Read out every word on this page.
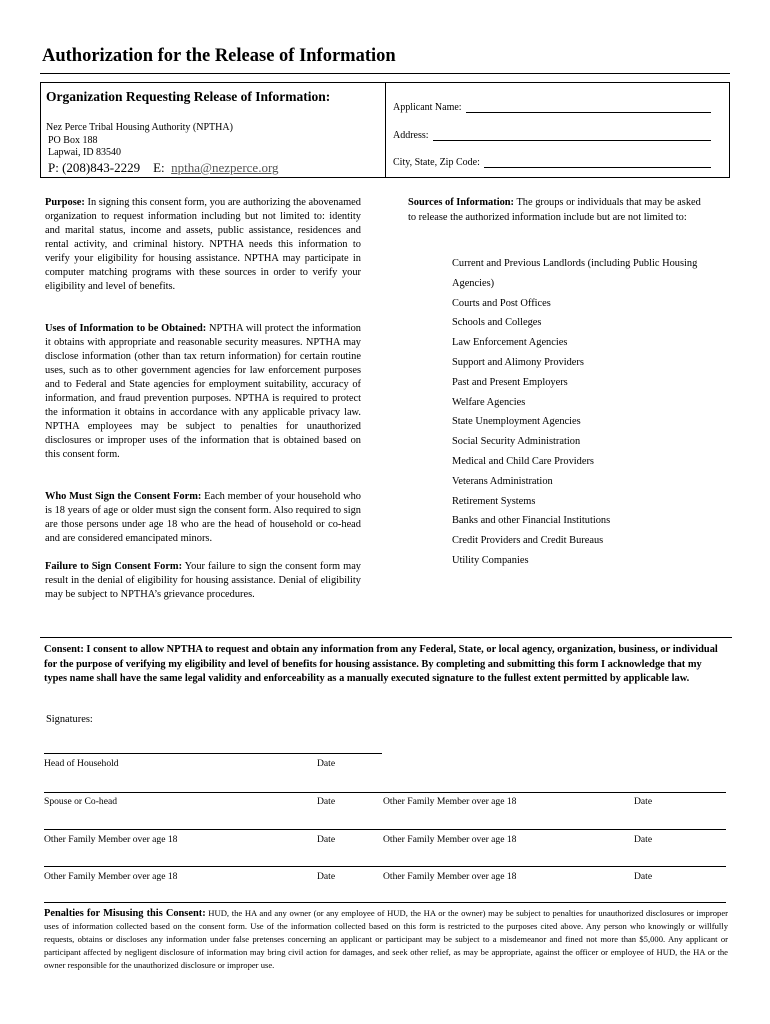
Authorization for the Release of Information
Organization Requesting Release of Information:
Nez Perce Tribal Housing Authority (NPTHA)
PO Box 188
Lapwai, ID 83540
P: (208)843-2229 E: nptha@nezperce.org
Applicant Name:
Address:
City, State, Zip Code:
Purpose: In signing this consent form, you are authorizing the abovenamed organization to request information including but not limited to: identity and marital status, income and assets, public assistance, residences and rental activity, and criminal history. NPTHA needs this information to verify your eligibility for housing assistance. NPTHA may participate in computer matching programs with these sources in order to verify your eligibility and level of benefits.
Uses of Information to be Obtained: NPTHA will protect the information it obtains with appropriate and reasonable security measures. NPTHA may disclose information (other than tax return information) for certain routine uses, such as to other government agencies for law enforcement purposes and to Federal and State agencies for employment suitability, accuracy of information, and fraud prevention purposes. NPTHA is required to protect the information it obtains in accordance with any applicable privacy law. NPTHA employees may be subject to penalties for unauthorized disclosures or improper uses of the information that is obtained based on this consent form.
Who Must Sign the Consent Form: Each member of your household who is 18 years of age or older must sign the consent form. Also required to sign are those persons under age 18 who are the head of household or co-head and are considered emancipated minors.
Failure to Sign Consent Form: Your failure to sign the consent form may result in the denial of eligibility for housing assistance. Denial of eligibility may be subject to NPTHA’s grievance procedures.
Sources of Information: The groups or individuals that may be asked to release the authorized information include but are not limited to:
Current and Previous Landlords (including Public Housing Agencies)
Courts and Post Offices
Schools and Colleges
Law Enforcement Agencies
Support and Alimony Providers
Past and Present Employers
Welfare Agencies
State Unemployment Agencies
Social Security Administration
Medical and Child Care Providers
Veterans Administration
Retirement Systems
Banks and other Financial Institutions
Credit Providers and Credit Bureaus
Utility Companies
Consent: I consent to allow NPTHA to request and obtain any information from any Federal, State, or local agency, organization, business, or individual for the purpose of verifying my eligibility and level of benefits for housing assistance. By completing and submitting this form I acknowledge that my types name shall have the same legal validity and enforceability as a manually executed signature to the fullest extent permitted by applicable law.
Signatures:
Head of Household	Date
Spouse or Co-head	Date	Other Family Member over age 18	Date
Other Family Member over age 18	Date	Other Family Member over age 18	Date
Other Family Member over age 18	Date	Other Family Member over age 18	Date
Penalties for Misusing this Consent: HUD, the HA and any owner (or any employee of HUD, the HA or the owner) may be subject to penalties for unauthorized disclosures or improper uses of information collected based on the consent form. Use of the information collected based on this form is restricted to the purposes cited above. Any person who knowingly or willfully requests, obtains or discloses any information under false pretenses concerning an applicant or participant may be subject to a misdemeanor and fined not more than $5,000. Any applicant or participant affected by negligent disclosure of information may bring civil action for damages, and seek other relief, as may be appropriate, against the officer or employee of HUD, the HA or the owner responsible for the unauthorized disclosure or improper use.
